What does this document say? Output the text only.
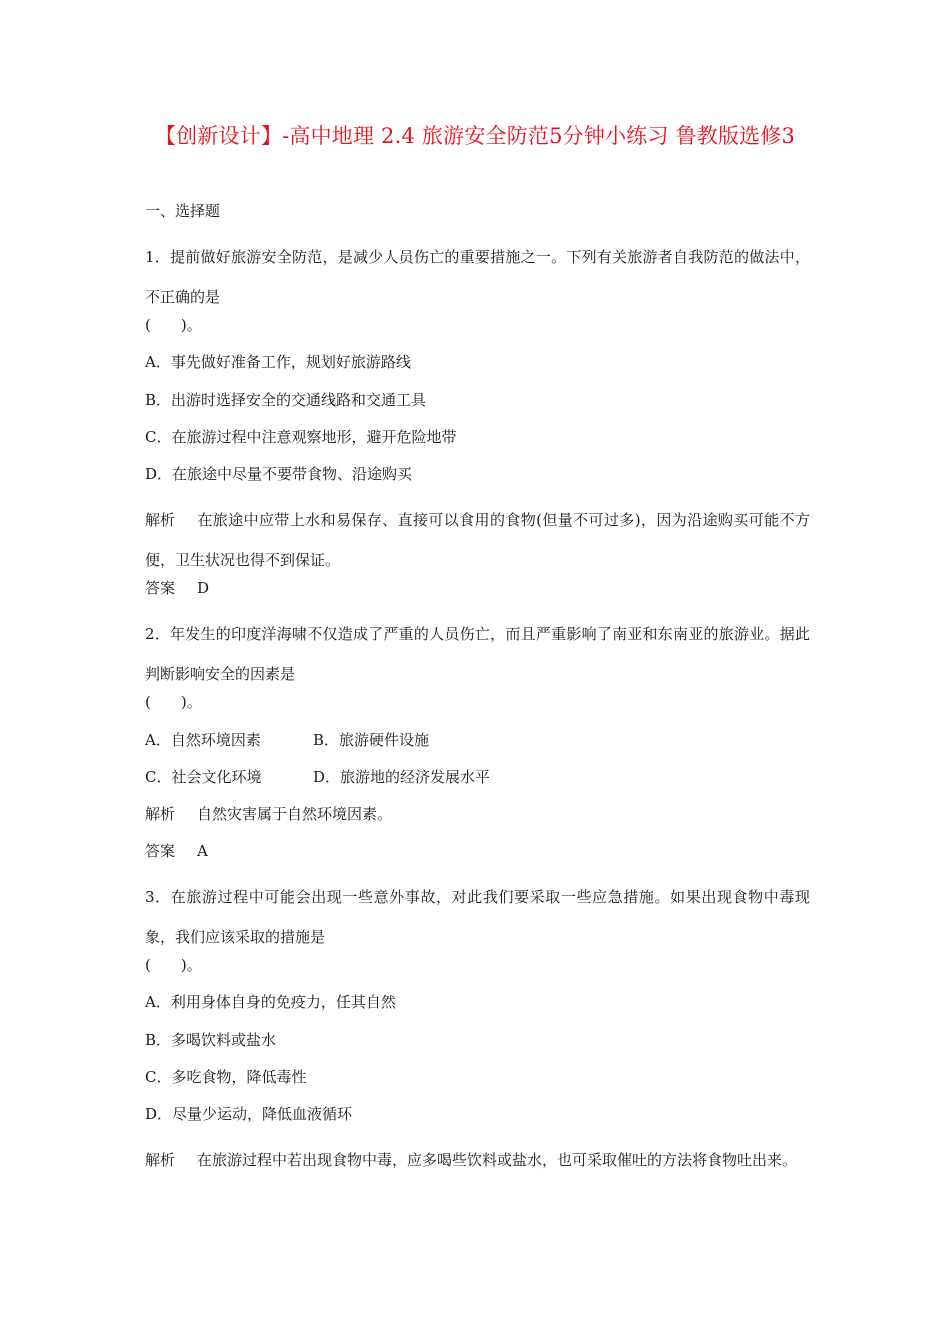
【创新设计】-高中地理 2.4 旅游安全防范5分钟小练习 鲁教版选修3
一、选择题
1．提前做好旅游安全防范，是减少人员伤亡的重要措施之一。下列有关旅游者自我防范的做法中，不正确的是
(　　)。
A．事先做好准备工作，规划好旅游路线
B．出游时选择安全的交通线路和交通工具
C．在旅游过程中注意观察地形，避开危险地带
D．在旅途中尽量不要带食物、沿途购买
解析 在旅途中应带上水和易保存、直接可以食用的食物(但量不可过多)，因为沿途购买可能不方便，卫生状况也得不到保证。
答案 D
2．年发生的印度洋海啸不仅造成了严重的人员伤亡，而且严重影响了南亚和东南亚的旅游业。据此判断影响安全的因素是
(　　)。
A．自然环境因素	B．旅游硬件设施
C．社会文化环境	D．旅游地的经济发展水平
解析 自然灾害属于自然环境因素。
答案 A
3．在旅游过程中可能会出现一些意外事故，对此我们要采取一些应急措施。如果出现食物中毒现象，我们应该采取的措施是
(　　)。
A．利用身体自身的免疫力，任其自然
B．多喝饮料或盐水
C．多吃食物，降低毒性
D．尽量少运动，降低血液循环
解析 在旅游过程中若出现食物中毒，应多喝些饮料或盐水，也可采取催吐的方法将食物吐出来。
